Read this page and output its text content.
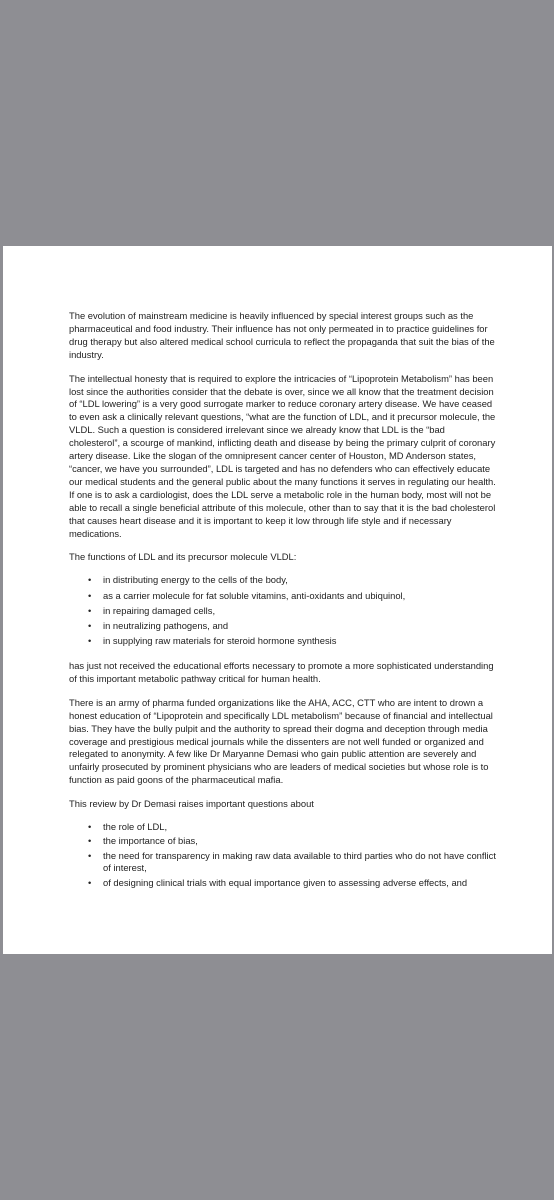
The evolution of mainstream medicine is heavily influenced by special interest groups such as the pharmaceutical and food industry. Their influence has not only permeated in to practice guidelines for drug therapy but also altered medical school curricula to reflect the propaganda that suit the bias of the industry.

The intellectual honesty that is required to explore the intricacies of “Lipoprotein Metabolism” has been lost since the authorities consider that the debate is over, since we all know that the treatment decision of “LDL lowering” is a very good surrogate marker to reduce coronary artery disease. We have ceased to even ask a clinically relevant questions, “what are the function of LDL, and it precursor molecule, the VLDL. Such a question is considered irrelevant since we already know that LDL is the “bad cholesterol”, a scourge of mankind, inflicting death and disease by being the primary culprit of coronary artery disease. Like the slogan of the omnipresent cancer center of Houston, MD Anderson states, “cancer, we have you surrounded”, LDL is targeted and has no defenders who can effectively educate our medical students and the general public about the many functions it serves in regulating our health. If one is to ask a cardiologist, does the LDL serve a metabolic role in the human body, most will not be able to recall a single beneficial attribute of this molecule, other than to say that it is the bad cholesterol that causes heart disease and it is important to keep it low through life style and if necessary medications.

The functions of LDL and its precursor molecule VLDL:

• in distributing energy to the cells of the body,
• as a carrier molecule for fat soluble vitamins, anti-oxidants and ubiquinol,
• in repairing damaged cells,
• in neutralizing pathogens, and
• in supplying raw materials for steroid hormone synthesis

has just not received the educational efforts necessary to promote a more sophisticated understanding of this important metabolic pathway critical for human health.

There is an army of pharma funded organizations like the AHA, ACC, CTT who are intent to drown a honest education of “Lipoprotein and specifically LDL metabolism” because of financial and intellectual bias. They have the bully pulpit and the authority to spread their dogma and deception through media coverage and prestigious medical journals while the dissenters are not well funded or organized and relegated to anonymity. A few like Dr Maryanne Demasi who gain public attention are severely and unfairly prosecuted by prominent physicians who are leaders of medical societies but whose role is to function as paid goons of the pharmaceutical mafia.

This review by Dr Demasi raises important questions about

• the role of LDL,
• the importance of bias,
• the need for transparency in making raw data available to third parties who do not have conflict of interest,
• of designing clinical trials with equal importance given to assessing adverse effects, and
